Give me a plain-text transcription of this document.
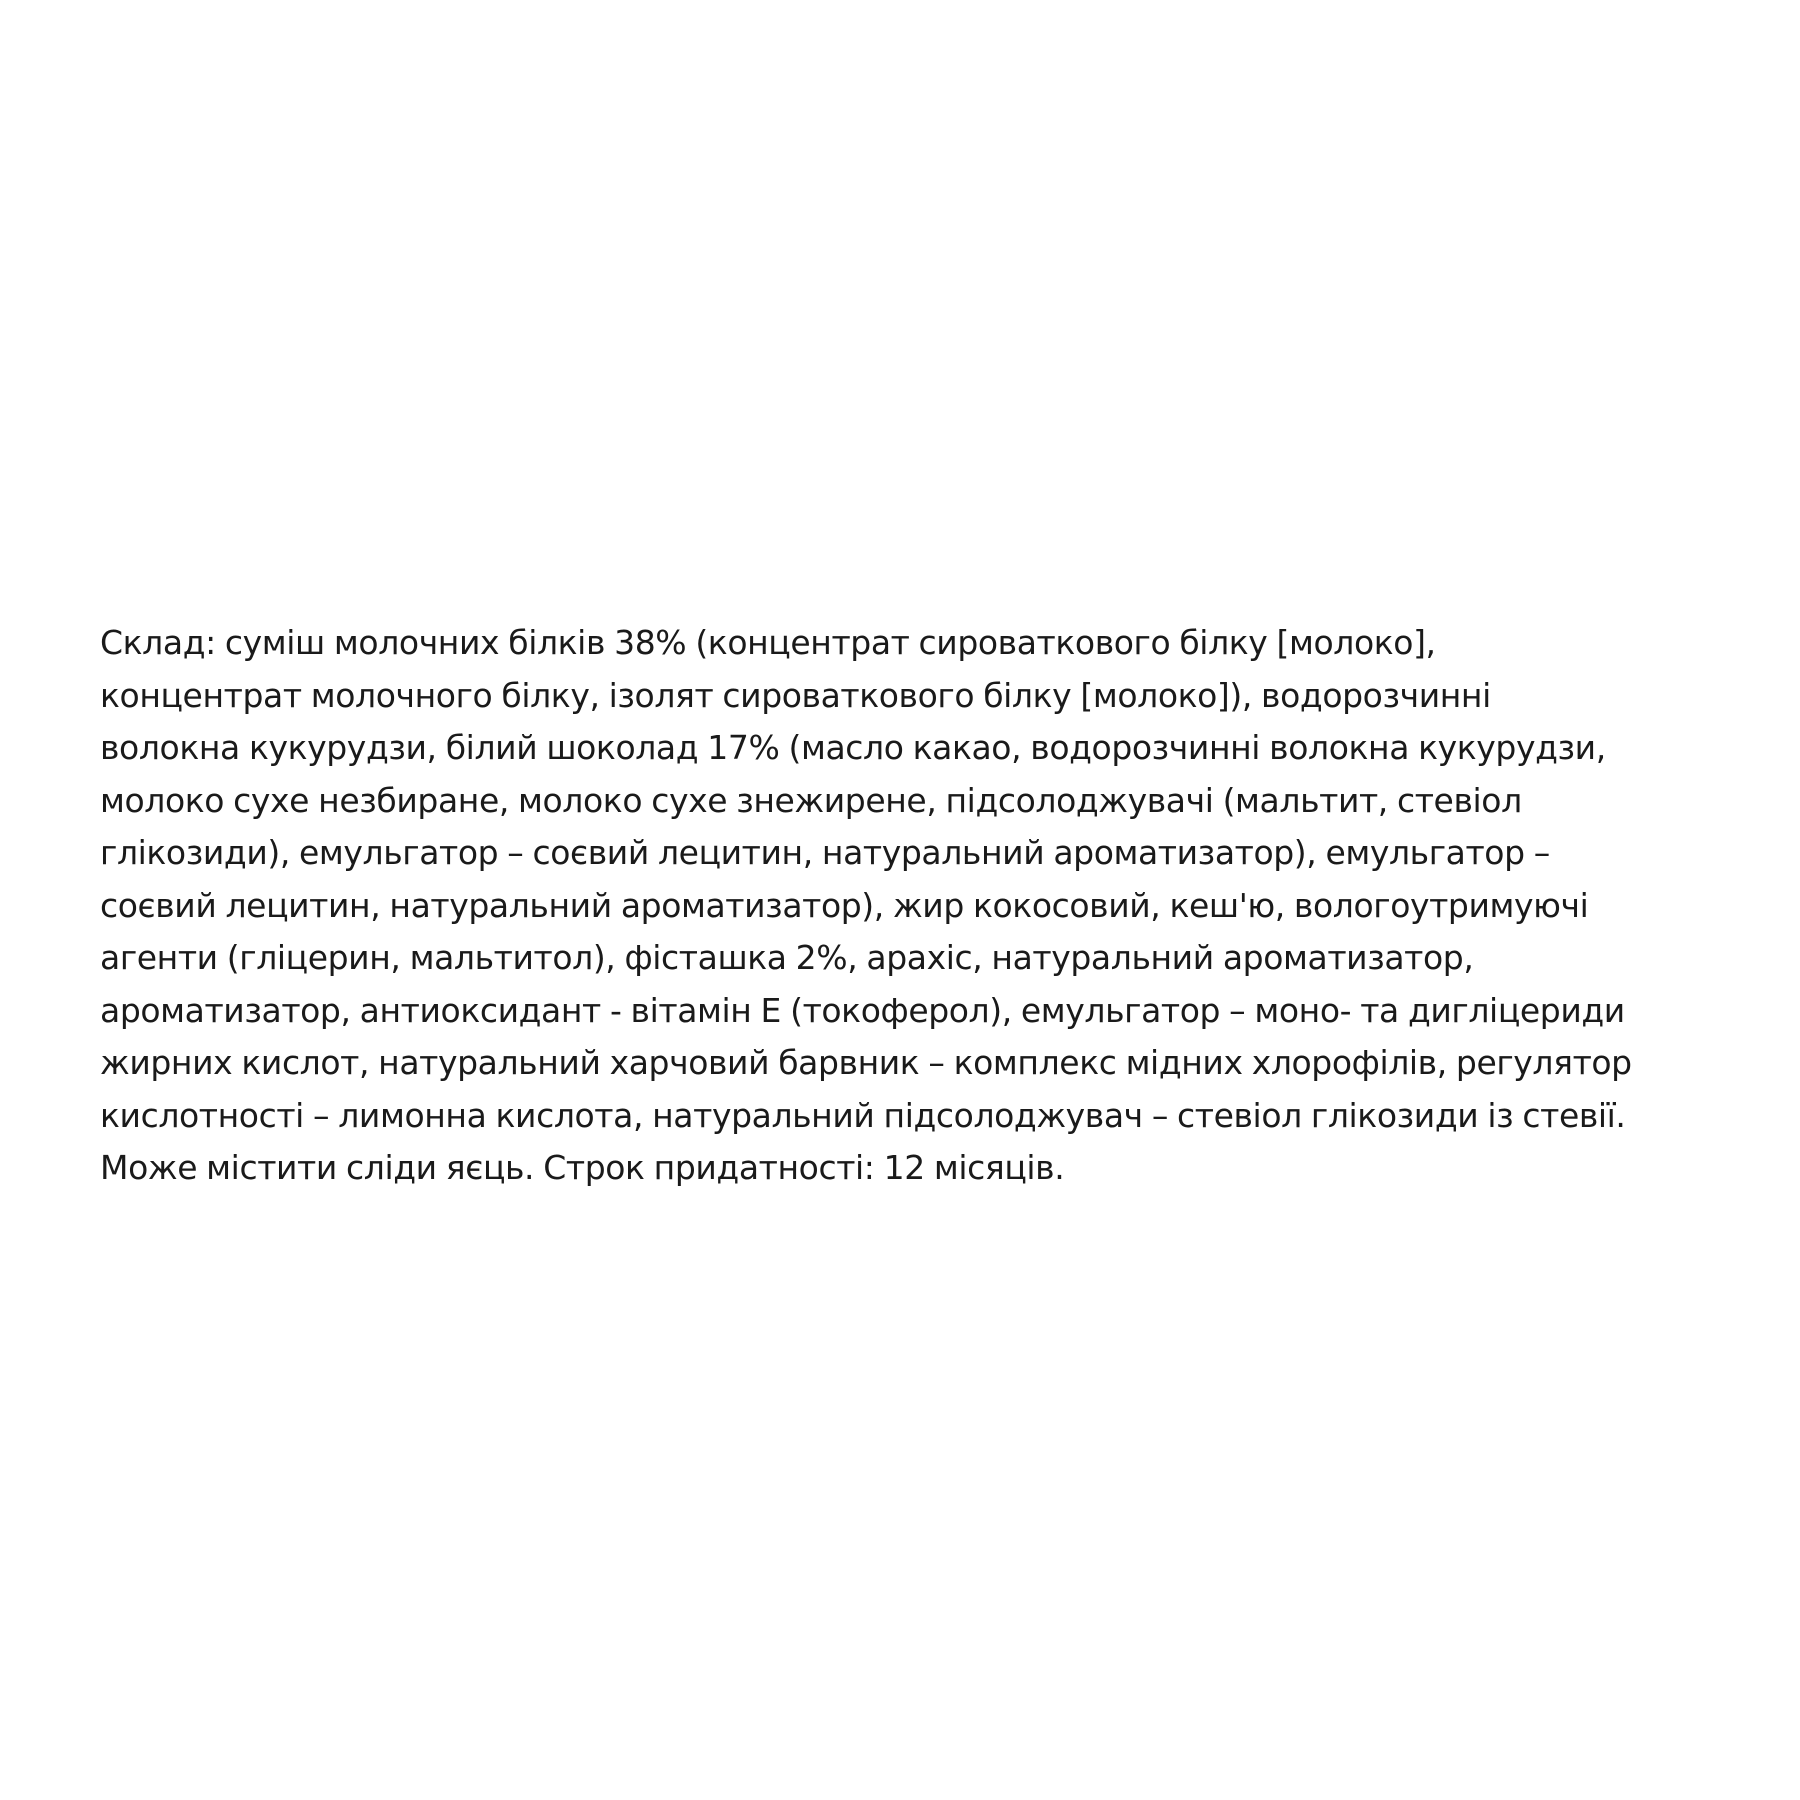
Склад: суміш молочних білків 38% (концентрат сироваткового білку [молоко],
концентрат молочного білку, ізолят сироваткового білку [молоко]), водорозчинні
волокна кукурудзи, білий шоколад 17% (масло какао, водорозчинні волокна кукурудзи,
молоко сухе незбиране, молоко сухе знежирене, підсолоджувачі (мальтит, стевіол
глікозиди), емульгатор – соєвий лецитин, натуральний ароматизатор), емульгатор –
соєвий лецитин, натуральний ароматизатор), жир кокосовий, кеш'ю, вологоутримуючі
агенти (гліцерин, мальтитол), фісташка 2%, арахіс, натуральний ароматизатор,
ароматизатор, антиоксидант - вітамін Е (токоферол), емульгатор – моно- та дигліцериди
жирних кислот, натуральний харчовий барвник – комплекс мідних хлорофілів, регулятор
кислотності – лимонна кислота, натуральний підсолоджувач – стевіол глікозиди із стевії.
Може містити сліди яєць. Строк придатності: 12 місяців.
